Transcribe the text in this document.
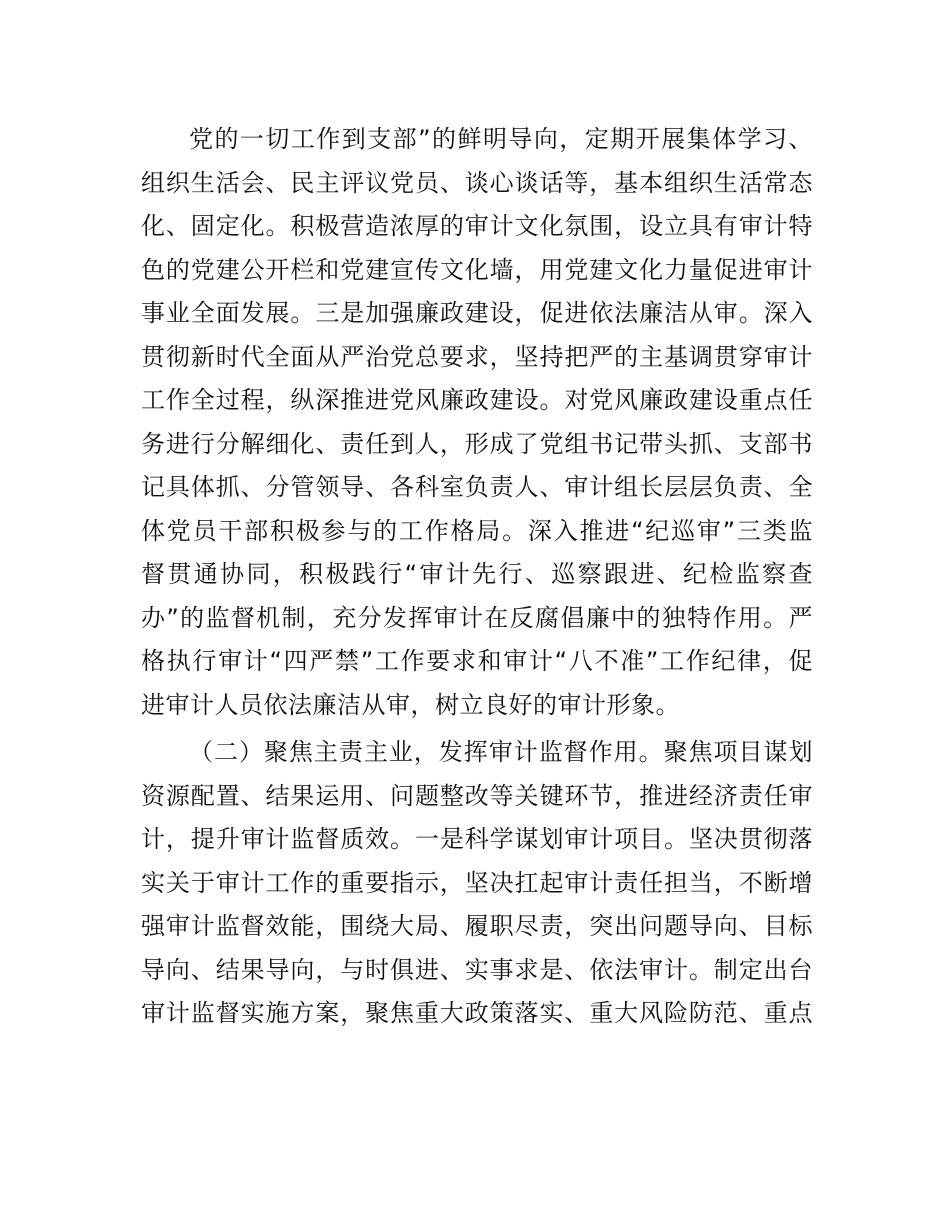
党的一切工作到支部”的鲜明导向，定期开展集体学习、
组织生活会、民主评议党员、谈心谈话等，基本组织生活常态
化、固定化。积极营造浓厚的审计文化氛围，设立具有审计特
色的党建公开栏和党建宣传文化墙，用党建文化力量促进审计
事业全面发展。三是加强廉政建设，促进依法廉洁从审。深入
贯彻新时代全面从严治党总要求，坚持把严的主基调贯穿审计
工作全过程，纵深推进党风廉政建设。对党风廉政建设重点任
务进行分解细化、责任到人，形成了党组书记带头抓、支部书
记具体抓、分管领导、各科室负责人、审计组长层层负责、全
体党员干部积极参与的工作格局。深入推进“纪巡审”三类监
督贯通协同，积极践行“审计先行、巡察跟进、纪检监察查
办”的监督机制，充分发挥审计在反腐倡廉中的独特作用。严
格执行审计“四严禁”工作要求和审计“八不准”工作纪律，促
进审计人员依法廉洁从审，树立良好的审计形象。
（二）聚焦主责主业，发挥审计监督作用。聚焦项目谋划
资源配置、结果运用、问题整改等关键环节，推进经济责任审
计，提升审计监督质效。一是科学谋划审计项目。坚决贯彻落
实关于审计工作的重要指示，坚决扛起审计责任担当，不断增
强审计监督效能，围绕大局、履职尽责，突出问题导向、目标
导向、结果导向，与时俱进、实事求是、依法审计。制定出台
审计监督实施方案，聚焦重大政策落实、重大风险防范、重点
